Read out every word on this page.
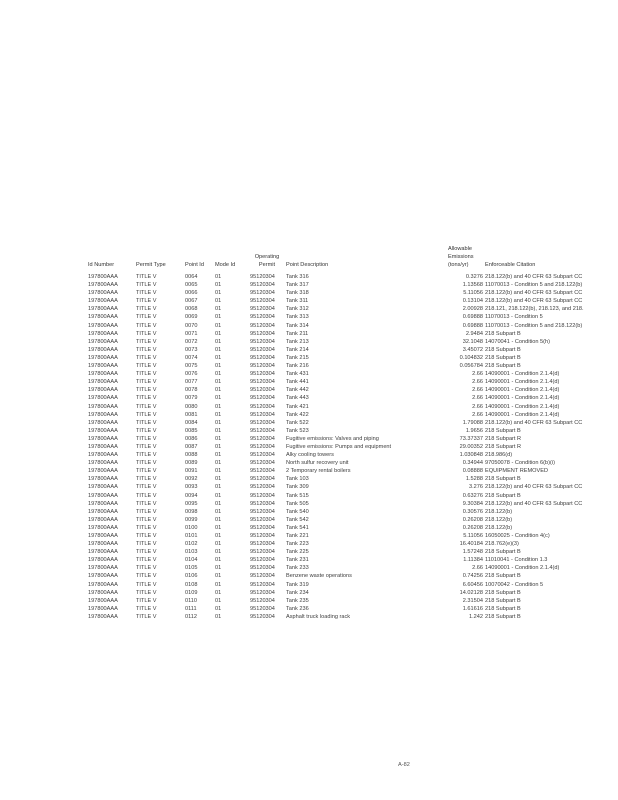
Id Number	Permit Type	Point Id	Mode Id	Operating Permit	Point Description	Allowable Emissions (tons/yr)	Enforceable Citation
197800AAA	TITLE V	0064	01	95120304	Tank 316	0.3276	218.122(b) and 40 CFR 63 Subpart CC
197800AAA	TITLE V	0065	01	95120304	Tank 317	1.13568	11070013 - Condition 5 and 218.122(b)
197800AAA	TITLE V	0066	01	95120304	Tank 318	5.11056	218.122(b) and 40 CFR 63 Subpart CC
197800AAA	TITLE V	0067	01	95120304	Tank 311	0.13104	218.122(b) and 40 CFR 63 Subpart CC
197800AAA	TITLE V	0068	01	95120304	Tank 312	2.00928	218.121, 218.122(b), 218.123, and 218.
197800AAA	TITLE V	0069	01	95120304	Tank 313	0.69888	11070013 - Condition 5
197800AAA	TITLE V	0070	01	95120304	Tank 314	0.69888	11070013 - Condition 5 and 218.122(b)
197800AAA	TITLE V	0071	01	95120304	Tank 211	2.9484	218 Subpart B
197800AAA	TITLE V	0072	01	95120304	Tank 213	32.1048	14070041 - Condition 5(h)
197800AAA	TITLE V	0073	01	95120304	Tank 214	3.45072	218 Subpart B
197800AAA	TITLE V	0074	01	95120304	Tank 215	0.104832	218 Subpart B
197800AAA	TITLE V	0075	01	95120304	Tank 216	0.056784	218 Subpart B
197800AAA	TITLE V	0076	01	95120304	Tank 431	2.66	14090001 - Condition 2.1.4(d)
197800AAA	TITLE V	0077	01	95120304	Tank 441	2.66	14090001 - Condition 2.1.4(d)
197800AAA	TITLE V	0078	01	95120304	Tank 442	2.66	14090001 - Condition 2.1.4(d)
197800AAA	TITLE V	0079	01	95120304	Tank 443	2.66	14090001 - Condition 2.1.4(d)
197800AAA	TITLE V	0080	01	95120304	Tank 421	2.66	14090001 - Condition 2.1.4(d)
197800AAA	TITLE V	0081	01	95120304	Tank 422	2.66	14090001 - Condition 2.1.4(d)
197800AAA	TITLE V	0084	01	95120304	Tank 522	1.79088	218.122(b) and 40 CFR 63 Subpart CC
197800AAA	TITLE V	0085	01	95120304	Tank 523	1.9656	218 Subpart B
197800AAA	TITLE V	0086	01	95120304	Fugitive emissions: Valves and piping	73.37337	218 Subpart R
197800AAA	TITLE V	0087	01	95120304	Fugitive emissions: Pumps and equipment	29.00352	218 Subpart R
197800AAA	TITLE V	0088	01	95120304	Alky cooling towers	1.030848	218.986(d)
197800AAA	TITLE V	0089	01	95120304	North sulfur recovery unit	0.34944	97050078 - Condition 6(b)(i)
197800AAA	TITLE V	0091	01	95120304	2 Temporary rental boilers	0.08888	EQUIPMENT REMOVED
197800AAA	TITLE V	0092	01	95120304	Tank 103	1.5288	218 Subpart B
197800AAA	TITLE V	0093	01	95120304	Tank 309	3.276	218.122(b) and 40 CFR 63 Subpart CC
197800AAA	TITLE V	0094	01	95120304	Tank 515	0.63276	218 Subpart B
197800AAA	TITLE V	0095	01	95120304	Tank 505	9.30384	218.122(b) and 40 CFR 63 Subpart CC
197800AAA	TITLE V	0098	01	95120304	Tank 540	0.30576	218.122(b)
197800AAA	TITLE V	0099	01	95120304	Tank 542	0.26208	218.122(b)
197800AAA	TITLE V	0100	01	95120304	Tank 541	0.26208	218.122(b)
197800AAA	TITLE V	0101	01	95120304	Tank 221	5.11056	16050025 - Condition 4(c)
197800AAA	TITLE V	0102	01	95120304	Tank 223	16.40184	218.762(e)(3)
197800AAA	TITLE V	0103	01	95120304	Tank 225	1.57248	218 Subpart B
197800AAA	TITLE V	0104	01	95120304	Tank 231	1.11384	11010041 - Condition 1.3
197800AAA	TITLE V	0105	01	95120304	Tank 233	2.66	14090001 - Condition 2.1.4(d)
197800AAA	TITLE V	0106	01	95120304	Benzene waste operations	0.74256	218 Subpart B
197800AAA	TITLE V	0108	01	95120304	Tank 319	6.60456	10070042 - Condition 5
197800AAA	TITLE V	0109	01	95120304	Tank 234	14.02128	218 Subpart B
197800AAA	TITLE V	0110	01	95120304	Tank 235	2.31504	218 Subpart B
197800AAA	TITLE V	0111	01	95120304	Tank 236	1.61616	218 Subpart B
197800AAA	TITLE V	0112	01	95120304	Asphalt truck loading rack	1.242	218 Subpart B
A-82
